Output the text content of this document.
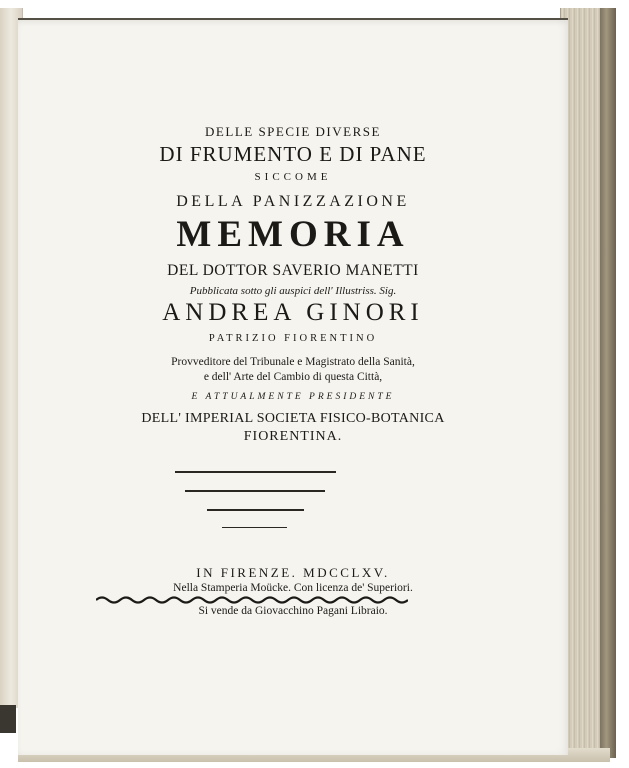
DELLE SPECIE DIVERSE

DI FRUMENTO E DI PANE

SICCOME

DELLA PANIZZAZIONE

MEMORIA

DEL DOTTOR SAVERIO MANETTI

Pubblicata sotto gli auspici dell' Illustriss. Sig.

ANDREA GINORI

PATRIZIO FIORENTINO

Provveditore del Tribunale e Magistrato della Sanità,

e dell' Arte del Cambio di questa Città,

E ATTUALMENTE PRESIDENTE

DELL' IMPERIAL SOCIETA FISICO-BOTANICA

FIORENTINA.

IN FIRENZE. MDCCLXV.

Nella Stamperia Moücke. Con licenza de' Superiori.

Si vende da Giovacchino Pagani Libraio.
